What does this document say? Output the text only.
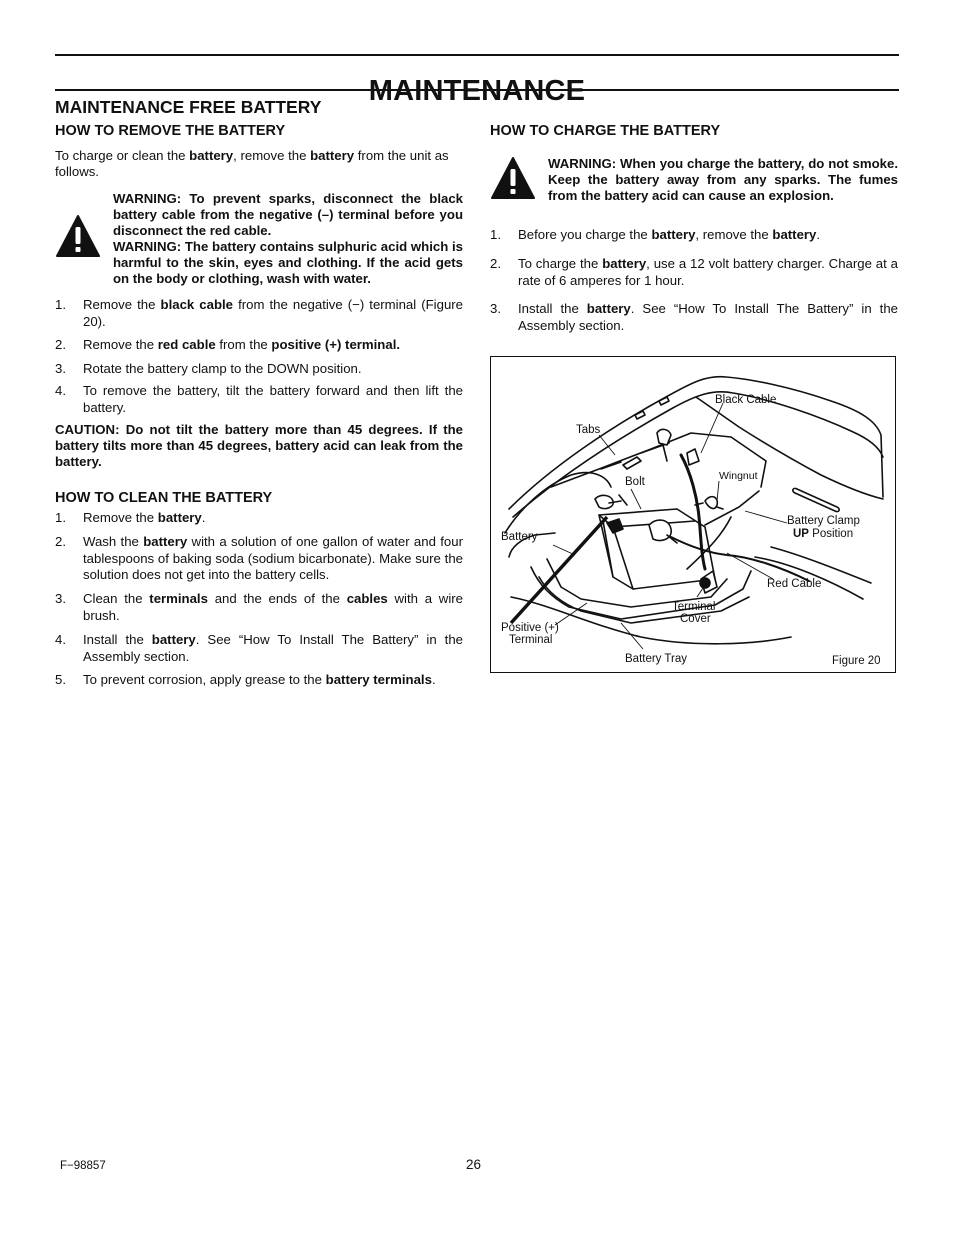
MAINTENANCE
MAINTENANCE FREE BATTERY
HOW TO REMOVE THE BATTERY

To charge or clean the battery, remove the battery from the unit as follows.

WARNING: To prevent sparks, disconnect the black battery cable from the negative (–) terminal before you disconnect the red cable.

WARNING: The battery contains sulphuric acid which is harmful to the skin, eyes and clothing. If the acid gets on the body or clothing, wash with water.

1. Remove the black cable from the negative (−) terminal (Figure 20).
2. Remove the red cable from the positive (+) terminal.
3. Rotate the battery clamp to the DOWN position.
4. To remove the battery, tilt the battery forward and then lift the battery.

CAUTION: Do not tilt the battery more than 45 degrees. If the battery tilts more than 45 degrees, battery acid can leak from the battery.

HOW TO CLEAN THE BATTERY
1. Remove the battery.
2. Wash the battery with a solution of one gallon of water and four tablespoons of baking soda (sodium bicarbonate). Make sure the solution does not get into the battery cells.
3. Clean the terminals and the ends of the cables with a wire brush.
4. Install the battery. See “How To Install The Battery” in the Assembly section.
5. To prevent corrosion, apply grease to the battery terminals.
HOW TO CHARGE THE BATTERY
WARNING: When you charge the battery, do not smoke. Keep the battery away from any sparks. The fumes from the battery acid can cause an explosion.
1. Before you charge the battery, remove the battery.
2. To charge the battery, use a 12 volt battery charger. Charge at a rate of 6 amperes for 1 hour.
3. Install the battery. See “How To Install The Battery” in the Assembly section.
Black Cable
Tabs
Wingnut
Bolt
Battery Clamp
UP Position
Battery
Red Cable
Terminal
Cover
Positive (+)
Terminal
Battery Tray	Figure 20
F−98857	26
